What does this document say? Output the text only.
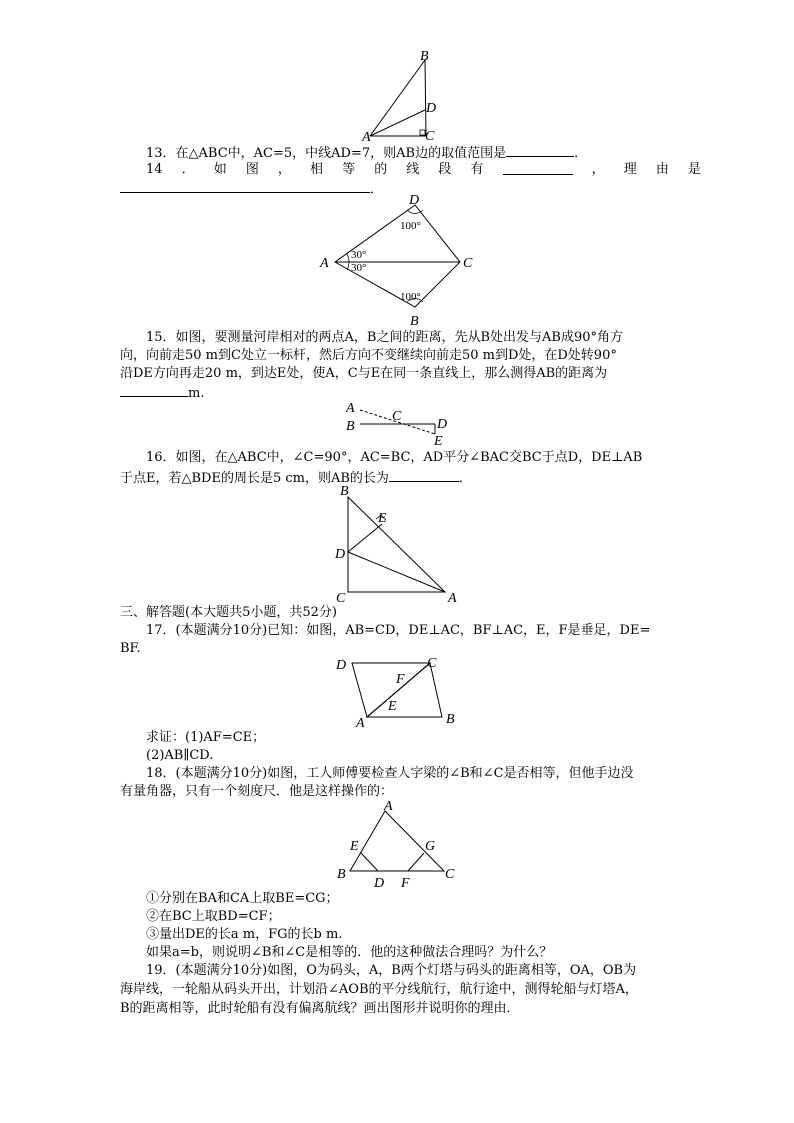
B
D
A	C
13．在△ABC中，AC=5，中线AD=7，则AB边的取值范围是	．
14 ． 如 图 ， 相 等 的 线 段 有	， 理 由 是
．
D
A	C
B
100°
100°
30°
30°
15．如图，要测量河岸相对的两点A，B之间的距离，先从B处出发与AB成90°角方
向，向前走50 m到C处立一标杆，然后方向不变继续向前走50 m到D处，在D处转90°
沿DE方向再走20 m，到达E处，使A，C与E在同一条直线上，那么测得AB的距离为
m.
A
B
C
D
E
16．如图，在△ABC中，∠C=90°，AC=BC，AD平分∠BAC交BC于点D，DE⊥AB
于点E，若△BDE的周长是5 cm，则AB的长为	．
B
E
D
C	A
三、解答题(本大题共5小题，共52分)
17．(本题满分10分)已知：如图，AB=CD，DE⊥AC，BF⊥AC，E，F是垂足，DE=
BF.
D	C
F
E
A	B
求证：(1)AF=CE；
(2)AB∥CD.
18．(本题满分10分)如图，工人师傅要检查人字梁的∠B和∠C是否相等，但他手边没
有量角器，只有一个刻度尺．他是这样操作的：
A
E	G
B	C
D F
①分别在BA和CA上取BE=CG；
②在BC上取BD=CF；
③量出DE的长a m，FG的长b m.
如果a=b，则说明∠B和∠C是相等的．他的这种做法合理吗？为什么？
19．(本题满分10分)如图，O为码头，A，B两个灯塔与码头的距离相等，OA，OB为
海岸线，一轮船从码头开出，计划沿∠AOB的平分线航行，航行途中，测得轮船与灯塔A，
B的距离相等，此时轮船有没有偏离航线？画出图形并说明你的理由．
